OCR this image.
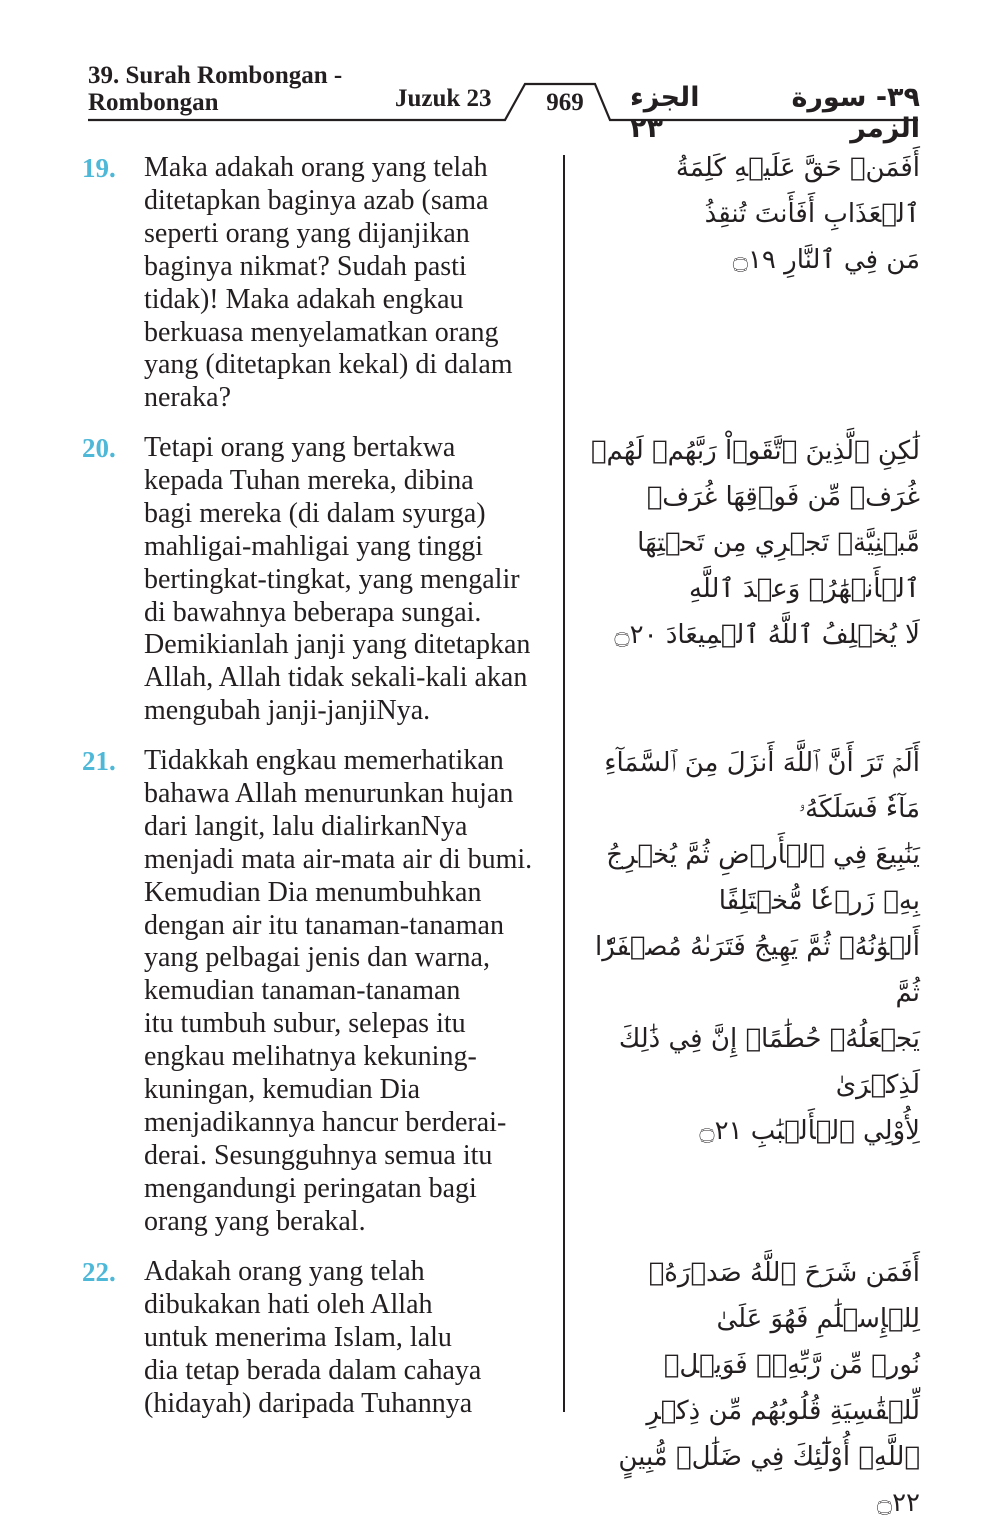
39. Surah Rombongan - Rombongan	Juzuk 23	969	الجزء ٢٣
٣٩- سورة الزمر
19.	Maka adakah orang yang telah
ditetapkan baginya azab (sama
seperti orang yang dijanjikan
baginya nikmat? Sudah pasti
tidak)! Maka adakah engkau
berkuasa menyelamatkan orang
yang (ditetapkan kekal) di dalam
neraka?
أَفَمَنۡ حَقَّ عَلَيۡهِ كَلِمَةُ ٱلۡعَذَابِ أَفَأَنتَ تُنقِذُ
مَن فِي ٱلنَّارِ ۝١٩
20.	Tetapi orang yang bertakwa
kepada Tuhan mereka, dibina
bagi mereka (di dalam syurga)
mahligai-mahligai yang tinggi
bertingkat-tingkat, yang mengalir
di bawahnya beberapa sungai.
Demikianlah janji yang ditetapkan
Allah, Allah tidak sekali-kali akan
mengubah janji-janjiNya.
لَٰكِنِ ٱلَّذِينَ ٱتَّقَوۡاْ رَبَّهُمۡ لَهُمۡ غُرَفٞ مِّن فَوۡقِهَا غُرَفٞ
مَّبۡنِيَّةٞ تَجۡرِي مِن تَحۡتِهَا ٱلۡأَنۡهَٰرُۖ وَعۡدَ ٱللَّهِ
لَا يُخۡلِفُ ٱللَّهُ ٱلۡمِيعَادَ ۝٢٠
21.	Tidakkah engkau memerhatikan
bahawa Allah menurunkan hujan
dari langit, lalu dialirkanNya
menjadi mata air-mata air di bumi.
Kemudian Dia menumbuhkan
dengan air itu tanaman-tanaman
yang pelbagai jenis dan warna,
kemudian tanaman-tanaman
itu tumbuh subur, selepas itu
engkau melihatnya kekuning-
kuningan, kemudian Dia
menjadikannya hancur berderai-
derai. Sesungguhnya semua itu
mengandungi peringatan bagi
orang yang berakal.
أَلَمۡ تَرَ أَنَّ ٱللَّهَ أَنزَلَ مِنَ ٱلسَّمَآءِ مَآءٗ فَسَلَكَهُۥ
يَنَٰبِيعَ فِي ٱلۡأَرۡضِ ثُمَّ يُخۡرِجُ بِهِۦ زَرۡعٗا مُّخۡتَلِفًا
أَلۡوَٰنُهُۥ ثُمَّ يَهِيجُ فَتَرَىٰهُ مُصۡفَرّٗا ثُمَّ
يَجۡعَلُهُۥ حُطَٰمًاۚ إِنَّ فِي ذَٰلِكَ لَذِكۡرَىٰ
لِأُوْلِي ٱلۡأَلۡبَٰبِ ۝٢١
22.	Adakah orang yang telah
dibukakan hati oleh Allah
untuk menerima Islam, lalu
dia tetap berada dalam cahaya
(hidayah) daripada Tuhannya
أَفَمَن شَرَحَ ٱللَّهُ صَدۡرَهُۥ لِلۡإِسۡلَٰمِ فَهُوَ عَلَىٰ
نُورٖ مِّن رَّبِّهِۦۚ فَوَيۡلٞ لِّلۡقَٰسِيَةِ قُلُوبُهُم مِّن ذِكۡرِ
ٱللَّهِۚ أُوْلَٰٓئِكَ فِي ضَلَٰلٖ مُّبِينٍ ۝٢٢
